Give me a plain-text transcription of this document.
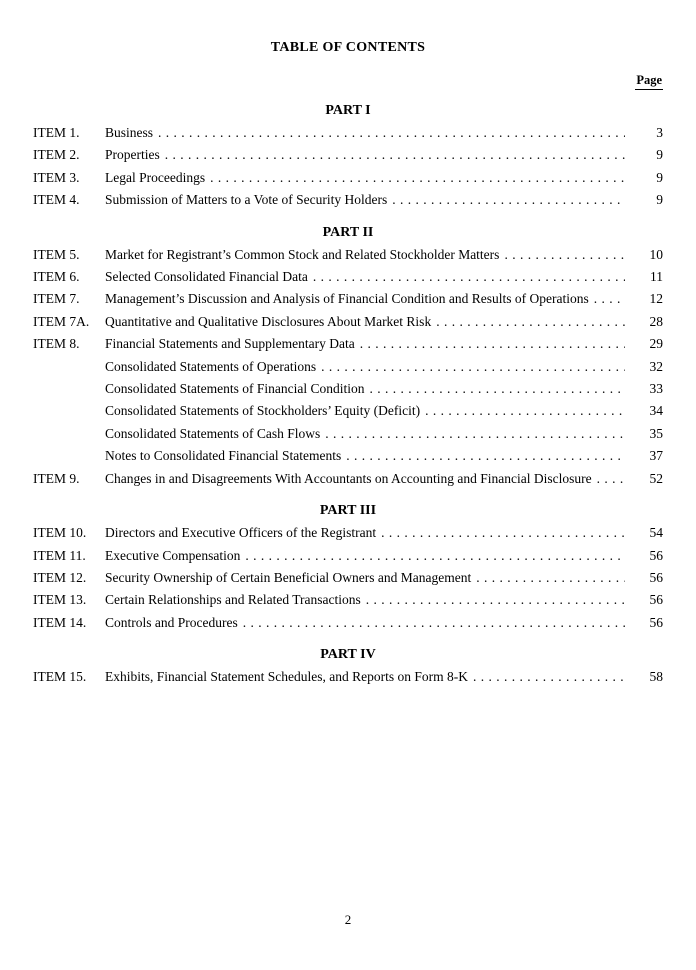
TABLE OF CONTENTS
Page
PART I
ITEM 1.	Business . . .	3
ITEM 2.	Properties . . .	9
ITEM 3.	Legal Proceedings . . .	9
ITEM 4.	Submission of Matters to a Vote of Security Holders . . .	9
PART II
ITEM 5.	Market for Registrant’s Common Stock and Related Stockholder Matters . . .	10
ITEM 6.	Selected Consolidated Financial Data . . .	11
ITEM 7.	Management’s Discussion and Analysis of Financial Condition and Results of Operations . . .	12
ITEM 7A.	Quantitative and Qualitative Disclosures About Market Risk . . .	28
ITEM 8.	Financial Statements and Supplementary Data . . .	29
Consolidated Statements of Operations . . .	32
Consolidated Statements of Financial Condition . . .	33
Consolidated Statements of Stockholders’ Equity (Deficit) . . .	34
Consolidated Statements of Cash Flows . . .	35
Notes to Consolidated Financial Statements . . .	37
ITEM 9.	Changes in and Disagreements With Accountants on Accounting and Financial Disclosure . . .	52
PART III
ITEM 10.	Directors and Executive Officers of the Registrant . . .	54
ITEM 11.	Executive Compensation . . .	56
ITEM 12.	Security Ownership of Certain Beneficial Owners and Management . . .	56
ITEM 13.	Certain Relationships and Related Transactions . . .	56
ITEM 14.	Controls and Procedures . . .	56
PART IV
ITEM 15.	Exhibits, Financial Statement Schedules, and Reports on Form 8-K . . .	58
2
